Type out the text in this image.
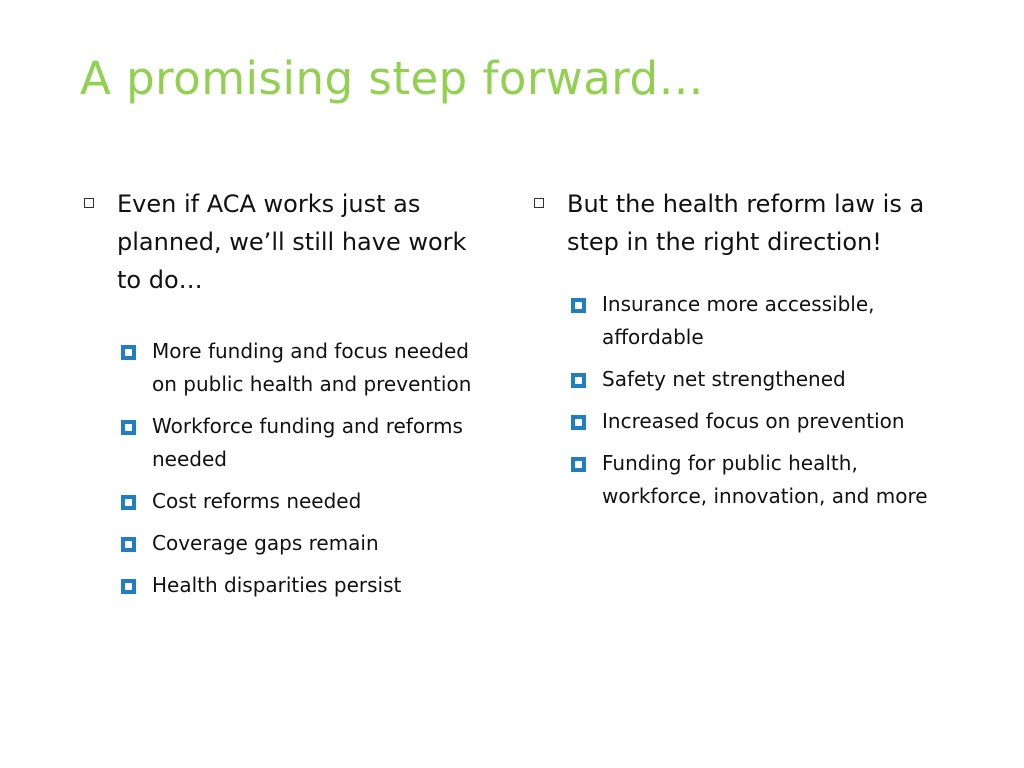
A promising step forward…
Even if ACA works just as planned, we’ll still have work to do…
More funding and focus needed on public health and prevention
Workforce funding and reforms needed
Cost reforms needed
Coverage gaps remain
Health disparities persist
But the health reform law is a step in the right direction!
Insurance more accessible, affordable
Safety net strengthened
Increased focus on prevention
Funding for public health, workforce, innovation, and more
